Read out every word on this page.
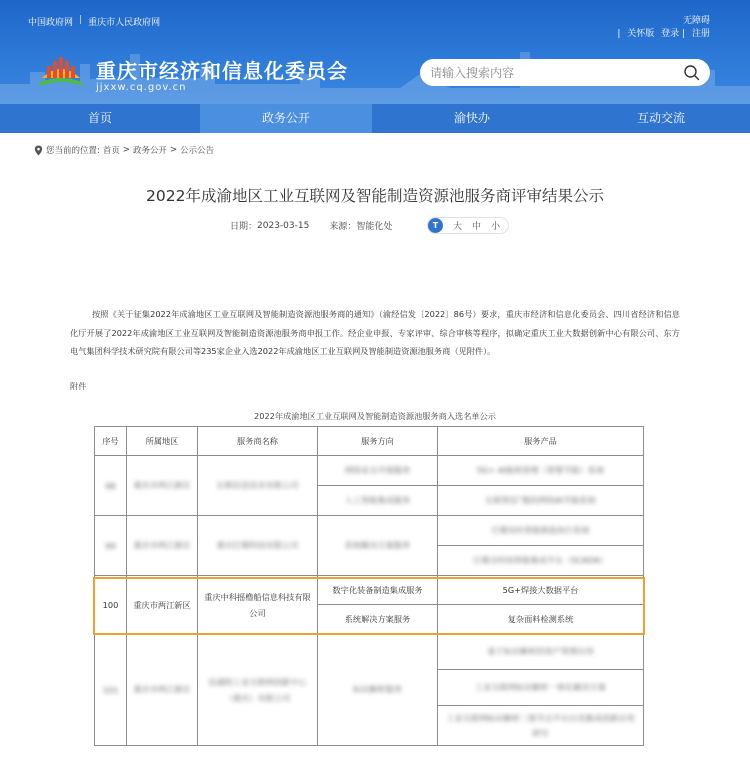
中国政府网 | 重庆市人民政府网	无障碍
| 关怀版 登录 | 注册
重庆市经济和信息化委员会
jjxxw.cq.gov.cn
请输入搜索内容
首页	政务公开	渝快办	互动交流
您当前的位置: 首页 > 政务公开 > 公示公告
2022年成渝地区工业互联网及智能制造资源池服务商评审结果公示
日期： 2023-03-15 来源： 智能化处	T	大 中 小
按照《关于征集2022年成渝地区工业互联网及智能制造资源池服务商的通知》（渝经信发〔2022〕86号）要求，重庆市经济和信息化委员会、四川省经济和信息化厅开展了2022年成渝地区工业互联网及智能制造资源池服务商申报工作。经企业申报、专家评审、综合审核等程序，拟确定重庆工业大数据创新中心有限公司、东方电气集团科学技术研究院有限公司等235家企业入选2022年成渝地区工业互联网及智能制造资源池服务商（见附件）。
附件
2022年成渝地区工业互联网及智能制造资源池服务商入选名单公示
序号	所属地区	服务商名称	服务方向	服务产品
98	重庆市两江新区	长联信息技术有限公司	网络安全升级服务	5G+ AI能耗管理（智慧节能）系统
			人工智能集成服务	长联智信”数的网络AI节能系统
99	重庆市两江新区	重庆巴蜀科技有限公司	系统解决方案服务	巴蜀实时智能制造执行系统
				巴蜀全时间智能集成平台（SCADA）
100	重庆市两江新区	重庆中科摇橹船信息科技有限公司	数字化装备制造集成服务	5G+焊接大数据平台
			系统解决方案服务	复杂面料检测系统
101	重庆市两江新区	信通院工业互联网创新中心（重庆）有限公司	标识解析服务	基于标识解析的资产管理应用
				工业互联网标识解析一体化解决方案
				工业互联网标识解析二级节点平台以及集成创新应用研究
